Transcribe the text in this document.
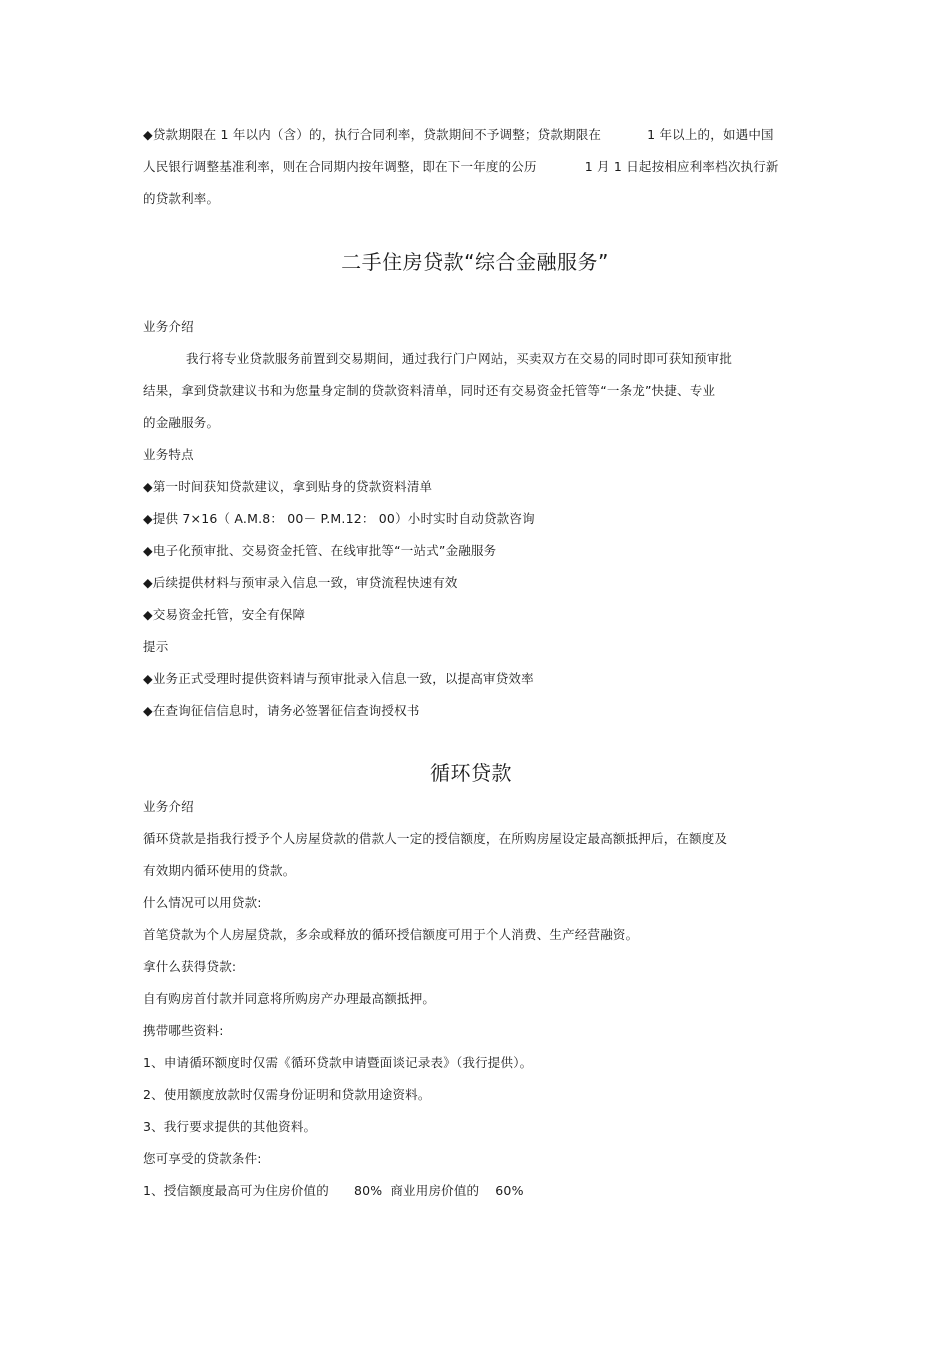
◆贷款期限在 1 年以内（含）的，执行合同利率，贷款期间不予调整；贷款期限在	1 年以上的，如遇中国
人民银行调整基准利率，则在合同期内按年调整，即在下一年度的公历	1 月 1 日起按相应利率档次执行新
的贷款利率。
二手住房贷款“综合金融服务”
业务介绍
我行将专业贷款服务前置到交易期间，通过我行门户网站，买卖双方在交易的同时即可获知预审批
结果，拿到贷款建议书和为您量身定制的贷款资料清单，同时还有交易资金托管等“一条龙”快捷、专业
的金融服务。
业务特点
◆第一时间获知贷款建议，拿到贴身的贷款资料清单
◆提供 7×16（ A.M.8： 00－ P.M.12： 00）小时实时自动贷款咨询
◆电子化预审批、交易资金托管、在线审批等“一站式”金融服务
◆后续提供材料与预审录入信息一致，审贷流程快速有效
◆交易资金托管，安全有保障
提示
◆业务正式受理时提供资料请与预审批录入信息一致，以提高审贷效率
◆在查询征信信息时，请务必签署征信查询授权书
循环贷款
业务介绍
循环贷款是指我行授予个人房屋贷款的借款人一定的授信额度，在所购房屋设定最高额抵押后，在额度及
有效期内循环使用的贷款。
什么情况可以用贷款:
首笔贷款为个人房屋贷款，多余或释放的循环授信额度可用于个人消费、生产经营融资。
拿什么获得贷款:
自有购房首付款并同意将所购房产办理最高额抵押。
携带哪些资料:
1、申请循环额度时仅需《循环贷款申请暨面谈记录表》（我行提供）。
2、使用额度放款时仅需身份证明和贷款用途资料。
3、我行要求提供的其他资料。
您可享受的贷款条件:
1、授信额度最高可为住房价值的 80% 商业用房价值的 60%
